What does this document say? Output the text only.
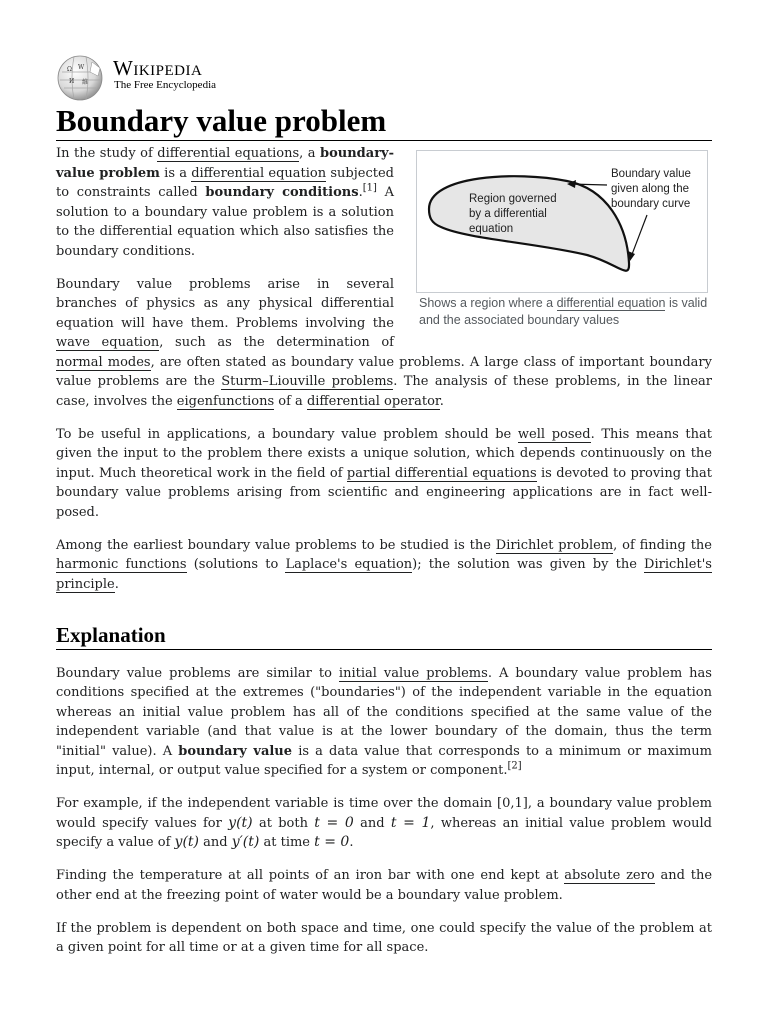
Ω W
И 維
Wikipedia
The Free Encyclopedia
Boundary value problem
Region governed
by a differential
equation
Boundary value
given along the
boundary curve
Shows a region where a differential equation is valid and the associated boundary values

In the study of differential equations, a boundary-value problem is a differential equation subjected to constraints called boundary conditions.[1] A solution to a boundary value problem is a solution to the differential equation which also satisfies the boundary conditions.

Boundary value problems arise in several branches of physics as any physical differential equation will have them. Problems involving the wave equation, such as the determination of normal modes, are often stated as boundary value problems. A large class of important boundary value problems are the Sturm–Liouville problems. The analysis of these problems, in the linear case, involves the eigenfunctions of a differential operator.

To be useful in applications, a boundary value problem should be well posed. This means that given the input to the problem there exists a unique solution, which depends continuously on the input. Much theoretical work in the field of partial differential equations is devoted to proving that boundary value problems arising from scientific and engineering applications are in fact well-posed.

Among the earliest boundary value problems to be studied is the Dirichlet problem, of finding the harmonic functions (solutions to Laplace's equation); the solution was given by the Dirichlet's principle.

Explanation

Boundary value problems are similar to initial value problems. A boundary value problem has conditions specified at the extremes ("boundaries") of the independent variable in the equation whereas an initial value problem has all of the conditions specified at the same value of the independent variable (and that value is at the lower boundary of the domain, thus the term "initial" value). A boundary value is a data value that corresponds to a minimum or maximum input, internal, or output value specified for a system or component.[2]

For example, if the independent variable is time over the domain [0,1], a boundary value problem would specify values for y(t) at both t = 0 and t = 1, whereas an initial value problem would specify a value of y(t) and y′(t) at time t = 0.

Finding the temperature at all points of an iron bar with one end kept at absolute zero and the other end at the freezing point of water would be a boundary value problem.

If the problem is dependent on both space and time, one could specify the value of the problem at a given point for all time or at a given time for all space.
